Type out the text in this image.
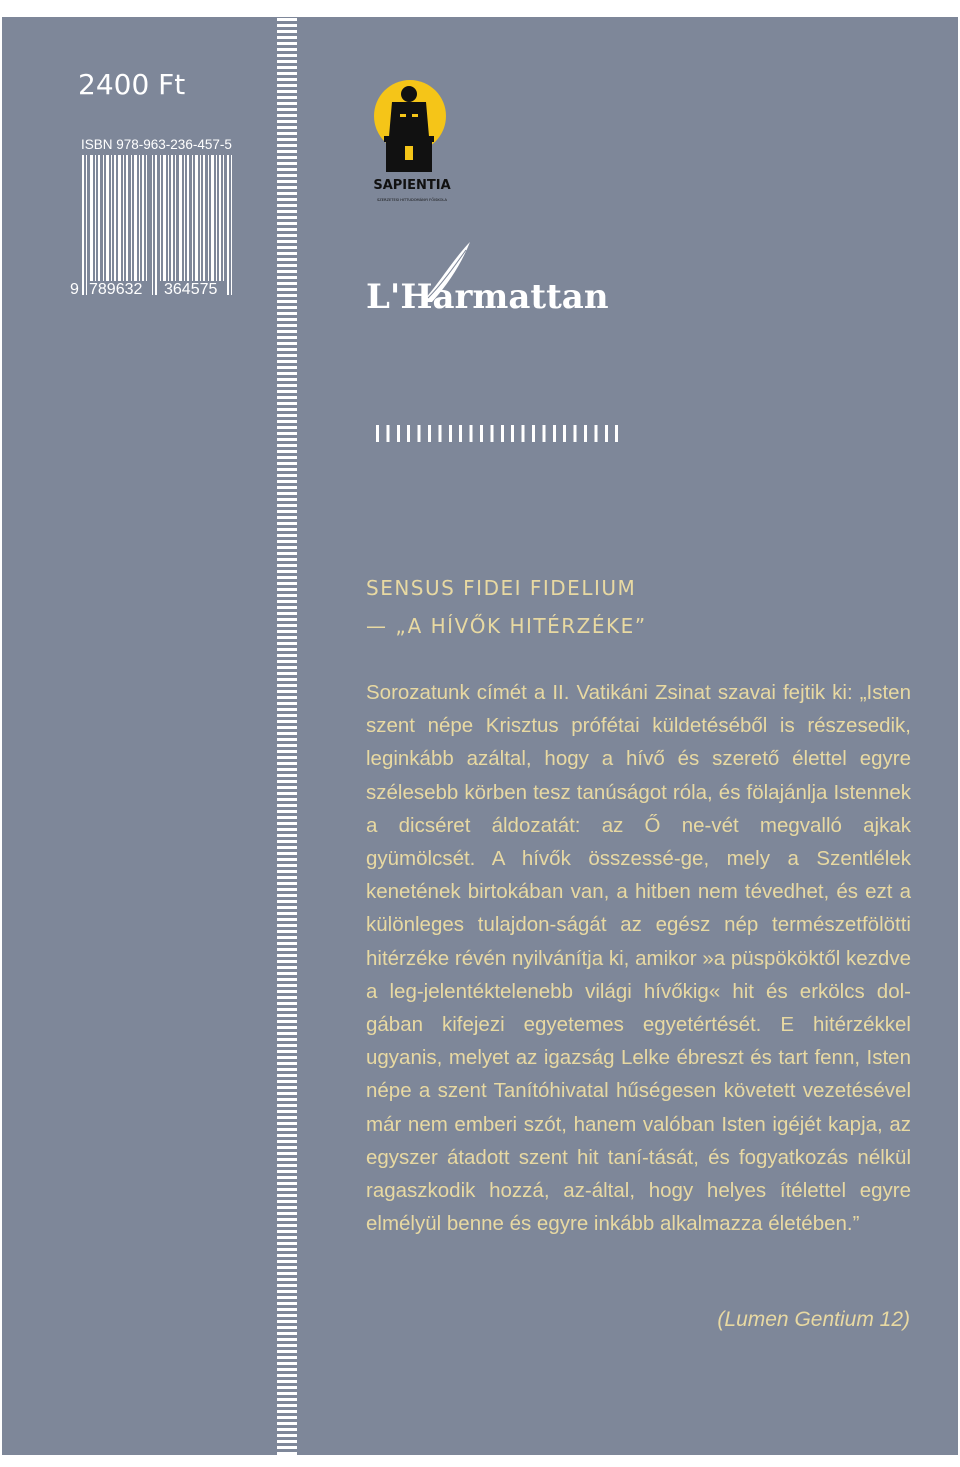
2400 Ft
ISBN 978-963-236-457-5
9 789632 364575
SAPIENTIA
SZERZETESI HITTUDOMÁNYI FŐISKOLA
L'Harmattan
SENSUS FIDEI FIDELIUM
— „A HÍVŐK HITÉRZÉKE”
Sorozatunk címét a II. Vatikáni Zsinat szavai fejtik ki: „Isten szent népe Krisztus prófétai küldetéséből is részesedik, leginkább azáltal, hogy a hívő és szerető élettel egyre szélesebb körben tesz tanúságot róla, és fölajánlja Istennek a dicséret áldozatát: az Ő ne-vét megvalló ajkak gyümölcsét. A hívők összessé-ge, mely a Szentlélek kenetének birtokában van, a hitben nem tévedhet, és ezt a különleges tulajdon-ságát az egész nép természetfölötti hitérzéke révén nyilvánítja ki, amikor »a püspököktől kezdve a leg-jelentéktelenebb világi hívőkig« hit és erkölcs dol-gában kifejezi egyetemes egyetértését. E hitérzékkel ugyanis, melyet az igazság Lelke ébreszt és tart fenn, Isten népe a szent Tanítóhivatal hűségesen követett vezetésével már nem emberi szót, hanem valóban Isten igéjét kapja, az egyszer átadott szent hit taní-tását, és fogyatkozás nélkül ragaszkodik hozzá, az-által, hogy helyes ítélettel egyre elmélyül benne és egyre inkább alkalmazza életében.”
(Lumen Gentium 12)
